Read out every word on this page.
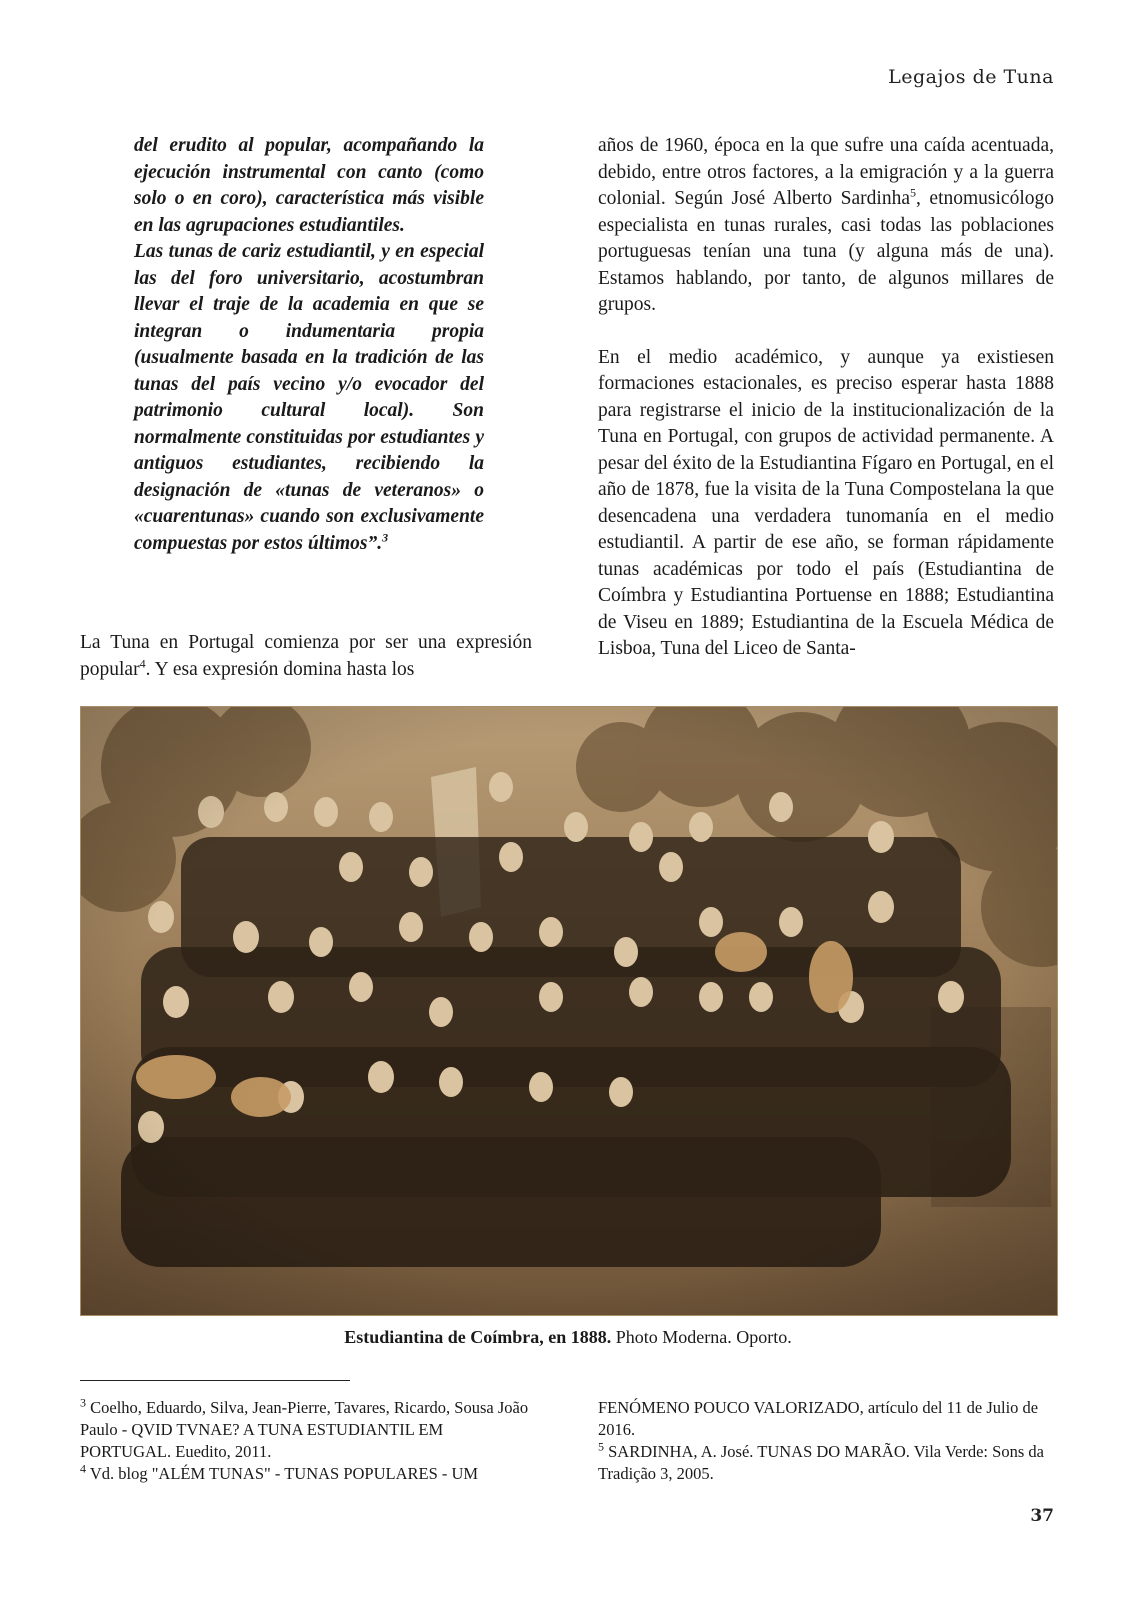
Legajos de Tuna

del erudito al popular, acompañando la ejecución instrumental con canto (como solo o en coro), característica más visible en las agrupaciones estudiantiles.

Las tunas de cariz estudiantil, y en especial las del foro universitario, acostumbran llevar el traje de la academia en que se integran o indumentaria propia (usualmente basada en la tradición de las tunas del país vecino y/o evocador del patrimonio cultural local). Son normalmente constituidas por estudiantes y antiguos estudiantes, recibiendo la designación de «tunas de veteranos» o «cuarentunas» cuando son exclusivamente compuestas por estos últimos”.$^3$

La Tuna en Portugal comienza por ser una expresión popular$^4$. Y esa expresión domina hasta los

años de 1960, época en la que sufre una caída acentuada, debido, entre otros factores, a la emigración y a la guerra colonial. Según José Alberto Sardinha$^5$, etnomusicólogo especialista en tunas rurales, casi todas las poblaciones portuguesas tenían una tuna (y alguna más de una). Estamos hablando, por tanto, de algunos millares de grupos.

En el medio académico, y aunque ya existiesen formaciones estacionales, es preciso esperar hasta 1888 para registrarse el inicio de la institucionalización de la Tuna en Portugal, con grupos de actividad permanente. A pesar del éxito de la Estudiantina Fígaro en Portugal, en el año de 1878, fue la visita de la Tuna Compostelana la que desencadena una verdadera tunomanía en el medio estudiantil. A partir de ese año, se forman rápidamente tunas académicas por todo el país (Estudiantina de Coímbra y Estudiantina Portuense en 1888; Estudiantina de Viseu en 1889; Estudiantina de la Escuela Médica de Lisboa, Tuna del Liceo de Santa-

Estudiantina de Coímbra, en 1888. Photo Moderna. Oporto.

$^3$ Coelho, Eduardo, Silva, Jean-Pierre, Tavares, Ricardo, Sousa João Paulo - QVID TVNAE? A TUNA ESTUDIANTIL EM PORTUGAL. Euedito, 2011.

$^4$ Vd. blog "ALÉM TUNAS" - TUNAS POPULARES - UM

FENÓMENO POUCO VALORIZADO, artículo del 11 de Julio de 2016.

$^5$ SARDINHA, A. José. TUNAS DO MARÃO. Vila Verde: Sons da Tradição 3, 2005.

37
